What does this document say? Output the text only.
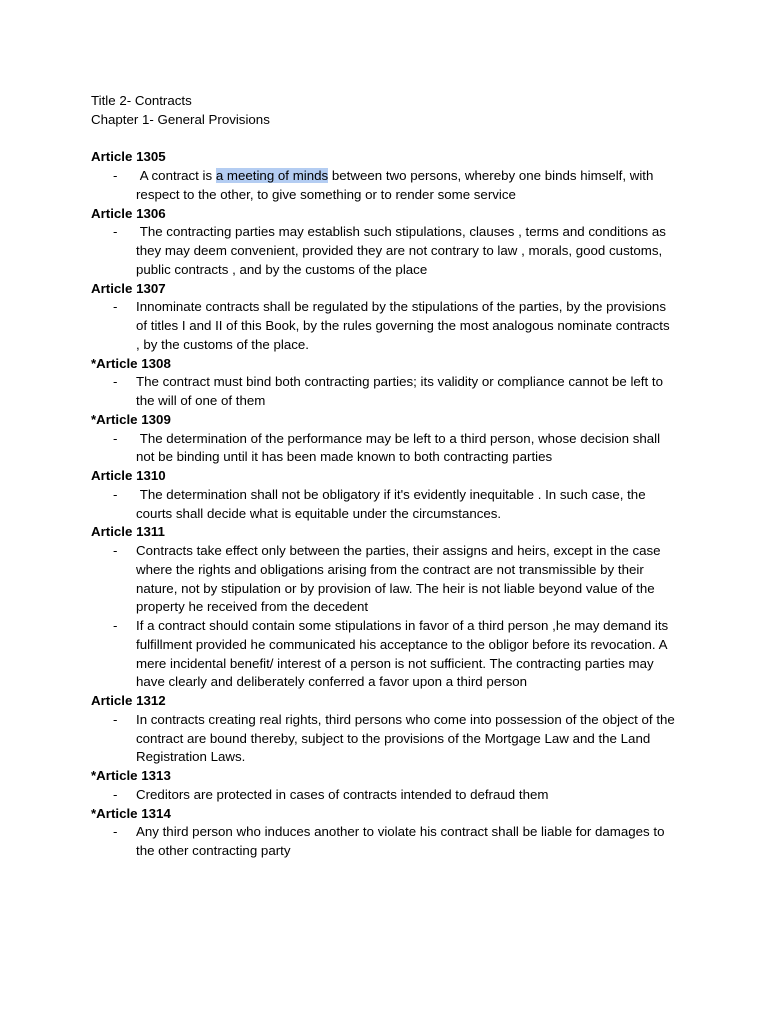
Title 2- Contracts
Chapter 1- General Provisions
Article 1305
- A contract is a meeting of minds between two persons, whereby one binds himself, with respect to the other, to give something or to render some service
Article 1306
- The contracting parties may establish such stipulations, clauses , terms and conditions as they may deem convenient, provided they are not contrary to law , morals, good customs, public contracts , and by the customs of the place
Article 1307
- Innominate contracts shall be regulated by the stipulations of the parties, by the provisions of titles I and II of this Book, by the rules governing the most analogous nominate contracts , by the customs of the place.
*Article 1308
- The contract must bind both contracting parties; its validity or compliance cannot be left to the will of one of them
*Article 1309
- The determination of the performance may be left to a third person, whose decision shall not be binding until it has been made known to both contracting parties
Article 1310
- The determination shall not be obligatory if it's evidently inequitable . In such case, the courts shall decide what is equitable under the circumstances.
Article 1311
- Contracts take effect only between the parties, their assigns and heirs, except in the case where the rights and obligations arising from the contract are not transmissible by their nature, not by stipulation or by provision of law. The heir is not liable beyond value of the property he received from the decedent
- If a contract should contain some stipulations in favor of a third person ,he may demand its fulfillment provided he communicated his acceptance to the obligor before its revocation. A mere incidental benefit/ interest of a person is not sufficient. The contracting parties may have clearly and deliberately conferred a favor upon a third person
Article 1312
- In contracts creating real rights, third persons who come into possession of the object of the contract are bound thereby, subject to the provisions of the Mortgage Law and the Land Registration Laws.
*Article 1313
- Creditors are protected in cases of contracts intended to defraud them
*Article 1314
- Any third person who induces another to violate his contract shall be liable for damages to the other contracting party
